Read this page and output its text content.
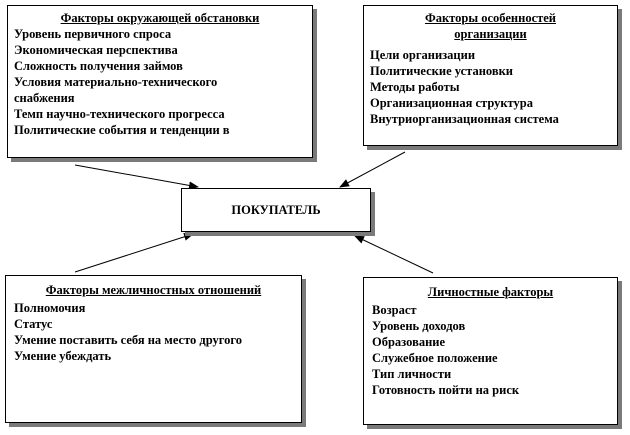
Факторы окружающей обстановки
Уровень первичного спроса
Экономическая перспектива
Сложность получения займов
Условия материально-технического снабжения
Темп научно-технического прогресса
Политические события и тенденции в
Факторы особенностей
организации
Цели организации
Политические установки
Методы работы
Организационная структура
Внутриорганизационная система
ПОКУПАТЕЛЬ
Факторы межличностных отношений
Полномочия
Статус
Умение поставить себя на место другого
Умение убеждать
Личностные факторы
Возраст
Уровень доходов
Образование
Служебное положение
Тип личности
Готовность пойти на риск
